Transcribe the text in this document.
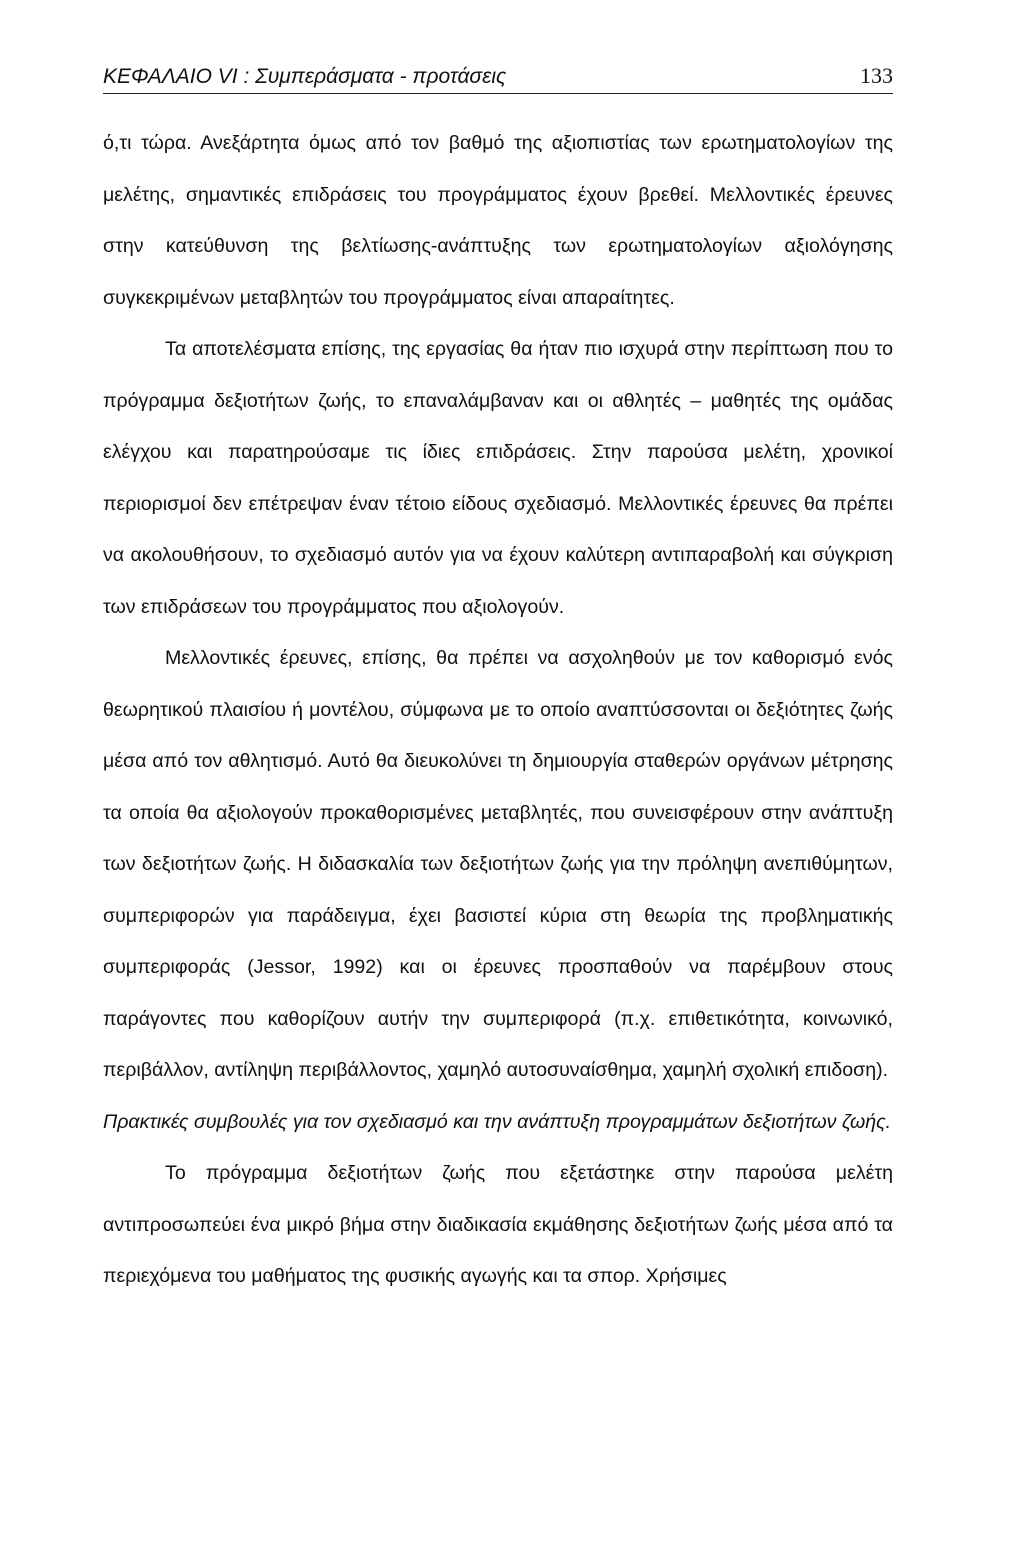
ΚΕΦΑΛΑΙΟ VI : Συμπεράσματα - προτάσεις	133

ό,τι τώρα. Ανεξάρτητα όμως από τον βαθμό της αξιοπιστίας των ερωτηματολογίων της μελέτης, σημαντικές επιδράσεις του προγράμματος έχουν βρεθεί. Μελλοντικές έρευνες στην κατεύθυνση της βελτίωσης-ανάπτυξης των ερωτηματολογίων αξιολόγησης συγκεκριμένων μεταβλητών του προγράμματος είναι απαραίτητες.

Τα αποτελέσματα επίσης, της εργασίας θα ήταν πιο ισχυρά στην περίπτωση που το πρόγραμμα δεξιοτήτων ζωής, το επαναλάμβαναν και οι αθλητές – μαθητές της ομάδας ελέγχου και παρατηρούσαμε τις ίδιες επιδράσεις. Στην παρούσα μελέτη, χρονικοί περιορισμοί δεν επέτρεψαν έναν τέτοιο είδους σχεδιασμό. Μελλοντικές έρευνες θα πρέπει να ακολουθήσουν, το σχεδιασμό αυτόν για να έχουν καλύτερη αντιπαραβολή και σύγκριση των επιδράσεων του προγράμματος που αξιολογούν.

Μελλοντικές έρευνες, επίσης, θα πρέπει να ασχοληθούν με τον καθορισμό ενός θεωρητικού πλαισίου ή μοντέλου, σύμφωνα με το οποίο αναπτύσσονται οι δεξιότητες ζωής μέσα από τον αθλητισμό. Αυτό θα διευκολύνει τη δημιουργία σταθερών οργάνων μέτρησης τα οποία θα αξιολογούν προκαθορισμένες μεταβλητές, που συνεισφέρουν στην ανάπτυξη των δεξιοτήτων ζωής. Η διδασκαλία των δεξιοτήτων ζωής για την πρόληψη ανεπιθύμητων, συμπεριφορών για παράδειγμα, έχει βασιστεί κύρια στη θεωρία της προβληματικής συμπεριφοράς (Jessor, 1992) και οι έρευνες προσπαθούν να παρέμβουν στους παράγοντες που καθορίζουν αυτήν την συμπεριφορά (π.χ. επιθετικότητα, κοινωνικό, περιβάλλον, αντίληψη περιβάλλοντος, χαμηλό αυτοσυναίσθημα, χαμηλή σχολική επιδοση).

Πρακτικές συμβουλές για τον σχεδιασμό και την ανάπτυξη προγραμμάτων δεξιοτήτων ζωής.

Το πρόγραμμα δεξιοτήτων ζωής που εξετάστηκε στην παρούσα μελέτη αντιπροσωπεύει ένα μικρό βήμα στην διαδικασία εκμάθησης δεξιοτήτων ζωής μέσα από τα περιεχόμενα του μαθήματος της φυσικής αγωγής και τα σπορ. Χρήσιμες
